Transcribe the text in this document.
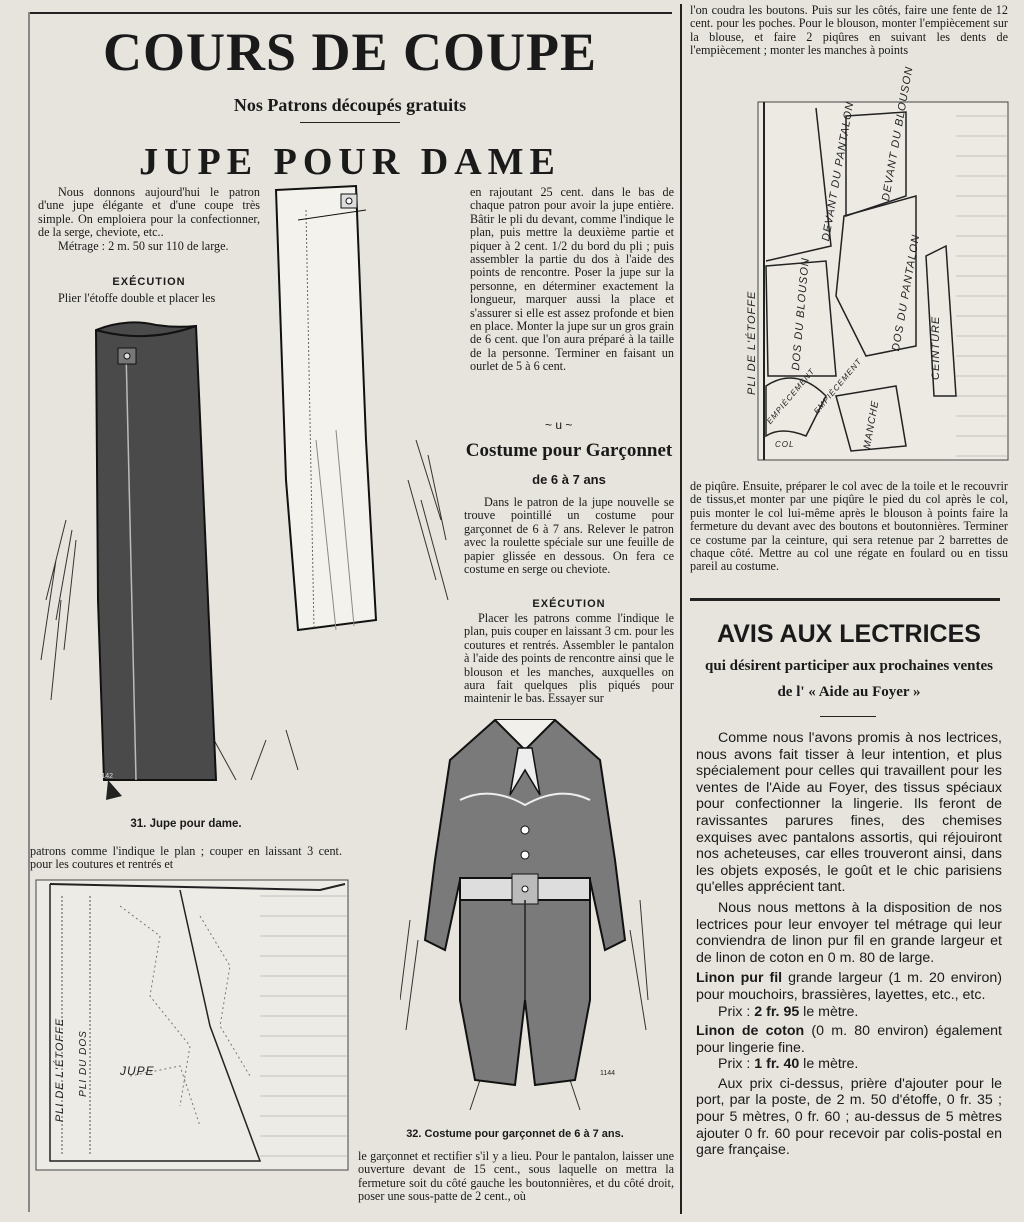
COURS DE COUPE
Nos Patrons découpés gratuits
JUPE POUR DAME

Nous donnons aujourd'hui le patron d'une jupe élégante et d'une coupe très simple. On emploiera pour la confectionner, de la serge, cheviote, etc..

Métrage : 2 m. 50 sur 110 de large.

EXÉCUTION

Plier l'étoffe double et placer les

1142
31. Jupe pour dame.
patrons comme l'indique le plan ; couper en laissant 3 cent. pour les coutures et rentrés et
PLI DE L'ÉTOFFE PLI DU DOS	JUPE

en rajoutant 25 cent. dans le bas de chaque patron pour avoir la jupe entière. Bâtir le pli du devant, comme l'indique le plan, puis mettre la deuxième partie et piquer à 2 cent. 1/2 du bord du pli ; puis assembler la partie du dos à l'aide des points de rencontre. Poser la jupe sur la personne, en déterminer exactement la longueur, marquer aussi la place et s'assurer si elle est assez profonde et bien en place. Monter la jupe sur un gros grain de 6 cent. que l'on aura préparé à la taille de la personne. Terminer en faisant un ourlet de 5 à 6 cent.

~ u ~
Costume pour Garçonnet
de 6 à 7 ans

Dans le patron de la jupe nouvelle se trouve pointillé un costume pour garçonnet de 6 à 7 ans. Relever le patron avec la roulette spéciale sur une feuille de papier glissée en dessous. On fera ce costume en serge ou cheviote.

EXÉCUTION

Placer les patrons comme l'indique le plan, puis couper en laissant 3 cm. pour les coutures et rentrés. Assembler le pantalon à l'aide des points de rencontre ainsi que le blouson et les manches, auxquelles on aura fait quelques plis piqués pour maintenir le bas. Essayer sur

1144
32. Costume pour garçonnet de 6 à 7 ans.

le garçonnet et rectifier s'il y a lieu. Pour le pantalon, laisser une ouverture devant de 15 cent., sous laquelle on mettra la fermeture soit du côté gauche les boutonnières, et du côté droit, poser une sous-patte de 2 cent., où

l'on coudra les boutons. Puis sur les côtés, faire une fente de 12 cent. pour les poches. Pour le blouson, monter l'empiècement sur la blouse, et faire 2 piqûres en suivant les dents de l'empiècement ; monter les manches à points

DEVANT DU PANTALON DEVANT DU BLOUSON
DOS DU PANTALON
DOS DU BLOUSON
PLI DE L'ÉTOFFE	CEINTURE
MANCHE
EMPIÈCEMENT
EMPIÈCEMENT
COL

de piqûre. Ensuite, préparer le col avec de la toile et le recouvrir de tissus,et monter par une piqûre le pied du col après le col, puis monter le col lui-même après le blouson à points faire la fermeture du devant avec des boutons et boutonnières. Terminer ce costume par la ceinture, qui sera retenue par 2 barrettes de chaque côté. Mettre au col une régate en foulard ou en tissu pareil au costume.

AVIS AUX LECTRICES
qui désirent participer aux prochaines ventes
de l' « Aide au Foyer »

Comme nous l'avons promis à nos lectrices, nous avons fait tisser à leur intention, et plus spécialement pour celles qui travaillent pour les ventes de l'Aide au Foyer, des tissus spéciaux pour confectionner la lingerie. Ils feront de ravissantes parures fines, des chemises exquises avec pantalons assortis, qui réjouiront nos acheteuses, car elles trouveront ainsi, dans les objets exposés, le goût et le chic parisiens qu'elles apprécient tant.

Nous nous mettons à la disposition de nos lectrices pour leur envoyer tel métrage qui leur conviendra de linon pur fil en grande largeur et de linon de coton en 0 m. 80 de large.

Linon pur fil grande largeur (1 m. 20 environ) pour mouchoirs, brassières, layettes, etc., etc.

Prix : 2 fr. 95 le mètre.

Linon de coton (0 m. 80 environ) également pour lingerie fine.

Prix : 1 fr. 40 le mètre.

Aux prix ci-dessus, prière d'ajouter pour le port, par la poste, de 2 m. 50 d'étoffe, 0 fr. 35 ; pour 5 mètres, 0 fr. 60 ; au-dessus de 5 mètres ajouter 0 fr. 60 pour recevoir par colis-postal en gare française.
